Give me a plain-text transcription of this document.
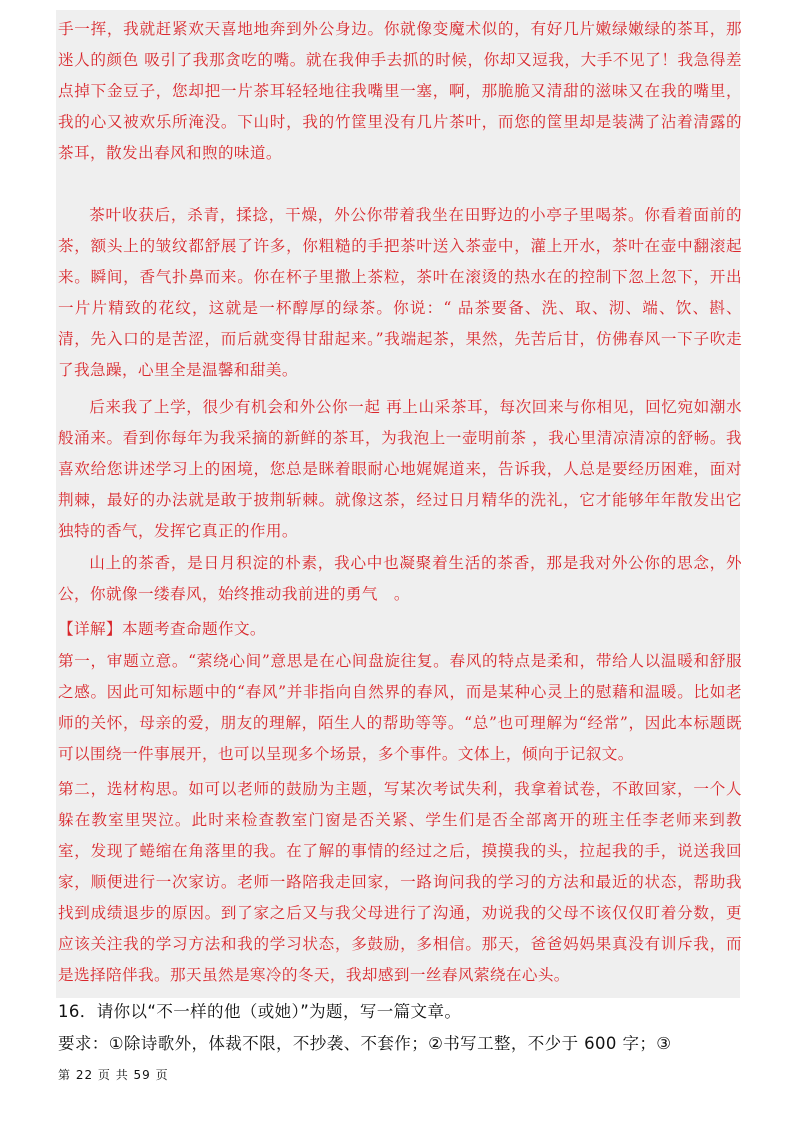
手一挥，我就赶紧欢天喜地地奔到外公身边。你就像变魔术似的，有好几片嫩绿嫩绿的茶耳，那迷人的颜色 吸引了我那贪吃的嘴。就在我伸手去抓的时候，你却又逗我，大手不见了！我急得差点掉下金豆子，您却把一片茶耳轻轻地往我嘴里一塞，啊，那脆脆又清甜的滋味又在我的嘴里，我的心又被欢乐所淹没。下山时，我的竹筐里没有几片茶叶，而您的筐里却是装满了沾着清露的茶耳，散发出春风和煦的味道。

茶叶收获后，杀青，揉捻，干燥，外公你带着我坐在田野边的小亭子里喝茶。你看着面前的茶，额头上的皱纹都舒展了许多，你粗糙的手把茶叶送入茶壶中，灌上开水，茶叶在壶中翻滚起来。瞬间，香气扑鼻而来。你在杯子里撒上茶粒，茶叶在滚烫的热水在的控制下忽上忽下，开出一片片精致的花纹，这就是一杯醇厚的绿茶。你说：“ 品茶要备、洗、取、沏、端、饮、斟、清，先入口的是苦涩，而后就变得甘甜起来。”我端起茶，果然，先苦后甘，仿佛春风一下子吹走了我急躁，心里全是温馨和甜美。

后来我了上学，很少有机会和外公你一起 再上山采茶耳，每次回来与你相见，回忆宛如潮水般涌来。看到你每年为我采摘的新鲜的茶耳，为我泡上一壶明前茶 ，我心里清凉清凉的舒畅。我喜欢给您讲述学习上的困境，您总是眯着眼耐心地娓娓道来，告诉我，人总是要经历困难，面对荆棘，最好的办法就是敢于披荆斩棘。就像这茶，经过日月精华的洗礼，它才能够年年散发出它独特的香气，发挥它真正的作用。

山上的茶香，是日月积淀的朴素，我心中也凝聚着生活的茶香，那是我对外公你的思念，外公，你就像一缕春风，始终推动我前进的勇气　。

【详解】本题考查命题作文。

第一，审题立意。“萦绕心间”意思是在心间盘旋往复。春风的特点是柔和，带给人以温暖和舒服之感。因此可知标题中的“春风”并非指向自然界的春风，而是某种心灵上的慰藉和温暖。比如老师的关怀，母亲的爱，朋友的理解，陌生人的帮助等等。“总”也可理解为“经常”，因此本标题既可以围绕一件事展开，也可以呈现多个场景，多个事件。文体上，倾向于记叙文。

第二，选材构思。如可以老师的鼓励为主题，写某次考试失利，我拿着试卷，不敢回家，一个人躲在教室里哭泣。此时来检查教室门窗是否关紧、学生们是否全部离开的班主任李老师来到教室，发现了蜷缩在角落里的我。在了解的事情的经过之后，摸摸我的头，拉起我的手，说送我回家，顺便进行一次家访。老师一路陪我走回家，一路询问我的学习的方法和最近的状态，帮助我找到成绩退步的原因。到了家之后又与我父母进行了沟通，劝说我的父母不该仅仅盯着分数，更应该关注我的学习方法和我的学习状态，多鼓励，多相信。那天，爸爸妈妈果真没有训斥我，而是选择陪伴我。那天虽然是寒冷的冬天，我却感到一丝春风萦绕在心头。

16．请你以“不一样的他（或她）”为题，写一篇文章。

要求：①除诗歌外，体裁不限，不抄袭、不套作；②书写工整，不少于 600 字；③

第 22 页 共 59 页
